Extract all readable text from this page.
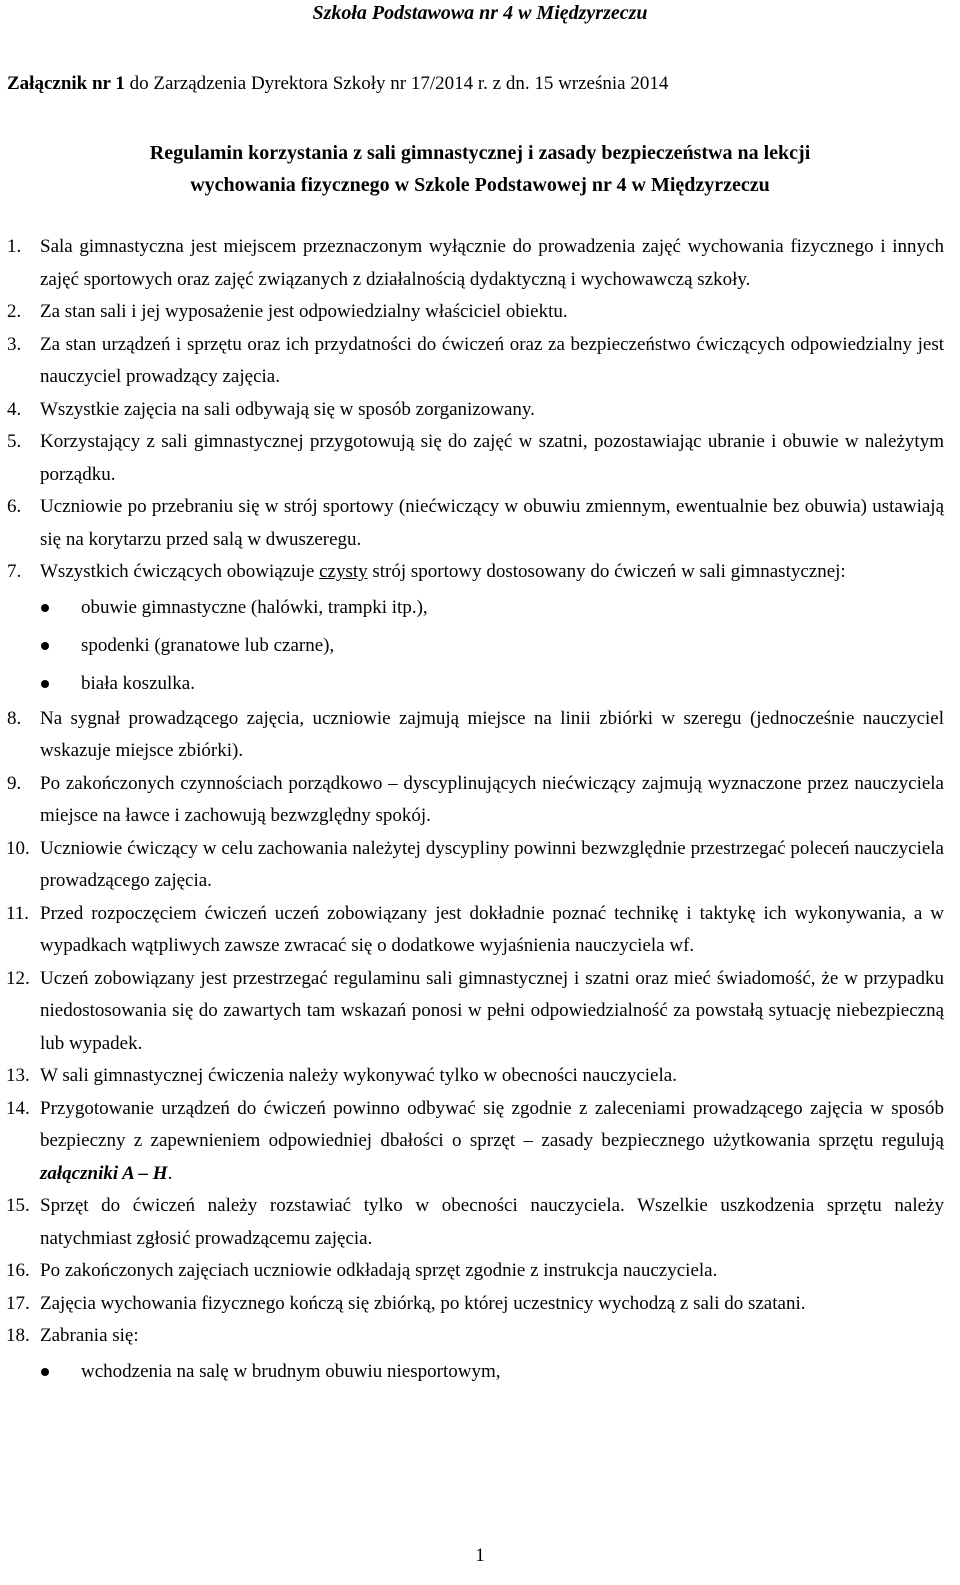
Szkoła Podstawowa nr 4 w Międzyrzeczu
Załącznik nr 1 do Zarządzenia Dyrektora Szkoły nr 17/2014 r. z dn. 15 września 2014
Regulamin korzystania z sali gimnastycznej i zasady bezpieczeństwa na lekcji
wychowania fizycznego w Szkole Podstawowej nr 4 w Międzyrzeczu
1. Sala gimnastyczna jest miejscem przeznaczonym wyłącznie do prowadzenia zajęć wychowania fizycznego i innych zajęć sportowych oraz zajęć związanych z działalnością dydaktyczną i wychowawczą szkoły.
2. Za stan sali i jej wyposażenie jest odpowiedzialny właściciel obiektu.
3. Za stan urządzeń i sprzętu oraz ich przydatności do ćwiczeń oraz za bezpieczeństwo ćwiczących odpowiedzialny jest nauczyciel prowadzący zajęcia.
4. Wszystkie zajęcia na sali odbywają się w sposób zorganizowany.
5. Korzystający z sali gimnastycznej przygotowują się do zajęć w szatni, pozostawiając ubranie i obuwie w należytym porządku.
6. Uczniowie po przebraniu się w strój sportowy (niećwiczący w obuwiu zmiennym, ewentualnie bez obuwia) ustawiają się na korytarzu przed salą w dwuszeregu.
7. Wszystkich ćwiczących obowiązuje czysty strój sportowy dostosowany do ćwiczeń w sali gimnastycznej:
obuwie gimnastyczne (halówki, trampki itp.),
spodenki (granatowe lub czarne),
biała koszulka.
8. Na sygnał prowadzącego zajęcia, uczniowie zajmują miejsce na linii zbiórki w szeregu (jednocześnie nauczyciel wskazuje miejsce zbiórki).
9. Po zakończonych czynnościach porządkowo – dyscyplinujących niećwiczący zajmują wyznaczone przez nauczyciela miejsce na ławce i zachowują bezwzględny spokój.
10. Uczniowie ćwiczący w celu zachowania należytej dyscypliny powinni bezwzględnie przestrzegać poleceń nauczyciela prowadzącego zajęcia.
11. Przed rozpoczęciem ćwiczeń uczeń zobowiązany jest dokładnie poznać technikę i taktykę ich wykonywania, a w wypadkach wątpliwych zawsze zwracać się o dodatkowe wyjaśnienia nauczyciela wf.
12. Uczeń zobowiązany jest przestrzegać regulaminu sali gimnastycznej i szatni oraz mieć świadomość, że w przypadku niedostosowania się do zawartych tam wskazań ponosi w pełni odpowiedzialność za powstałą sytuację niebezpieczną lub wypadek.
13. W sali gimnastycznej ćwiczenia należy wykonywać tylko w obecności nauczyciela.
14. Przygotowanie urządzeń do ćwiczeń powinno odbywać się zgodnie z zaleceniami prowadzącego zajęcia w sposób bezpieczny z zapewnieniem odpowiedniej dbałości o sprzęt – zasady bezpiecznego użytkowania sprzętu regulują załączniki A – H.
15. Sprzęt do ćwiczeń należy rozstawiać tylko w obecności nauczyciela. Wszelkie uszkodzenia sprzętu należy natychmiast zgłosić prowadzącemu zajęcia.
16. Po zakończonych zajęciach uczniowie odkładają sprzęt zgodnie z instrukcja nauczyciela.
17. Zajęcia wychowania fizycznego kończą się zbiórką, po której uczestnicy wychodzą z sali do szatani.
18. Zabrania się:
wchodzenia na salę w brudnym obuwiu niesportowym,
1
